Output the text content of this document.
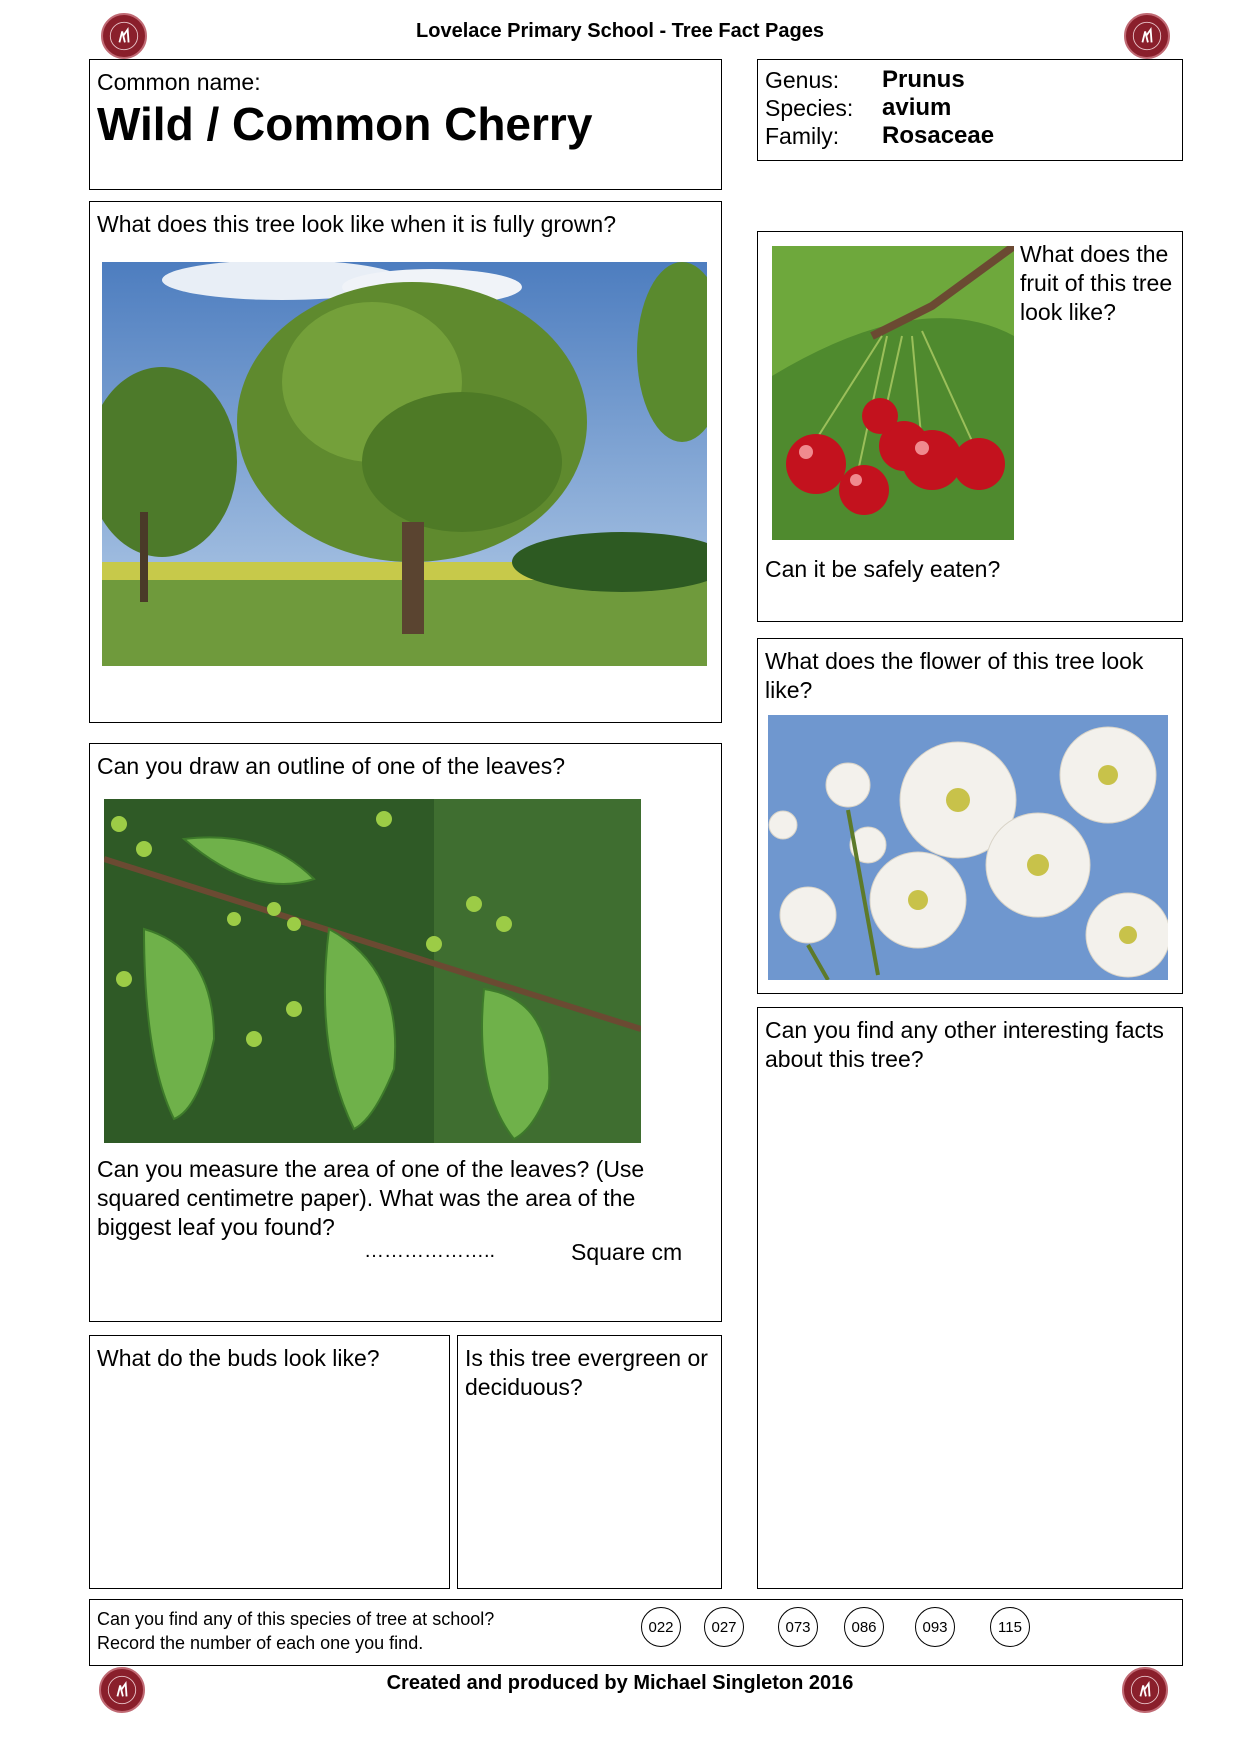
Lovelace Primary School - Tree Fact Pages
Common name:
Wild / Common Cherry
Genus: Prunus
Species: avium
Family: Rosaceae
What does this tree look like when it is fully grown?
Can you draw an outline of one of the leaves?
Can you measure the area of one of the leaves? (Use squared centimetre paper). What was the area of the biggest leaf you found?
………………..	Square cm
What does the fruit of this tree look like?
Can it be safely eaten?
What does the flower of this tree look like?
Can you find any other interesting facts about this tree?
What do the buds look like?	Is this tree evergreen or deciduous?
Can you find any of this species of tree at school?
Record the number of each one you find.
022	027	073	086	093	115
Created and produced by Michael Singleton 2016
